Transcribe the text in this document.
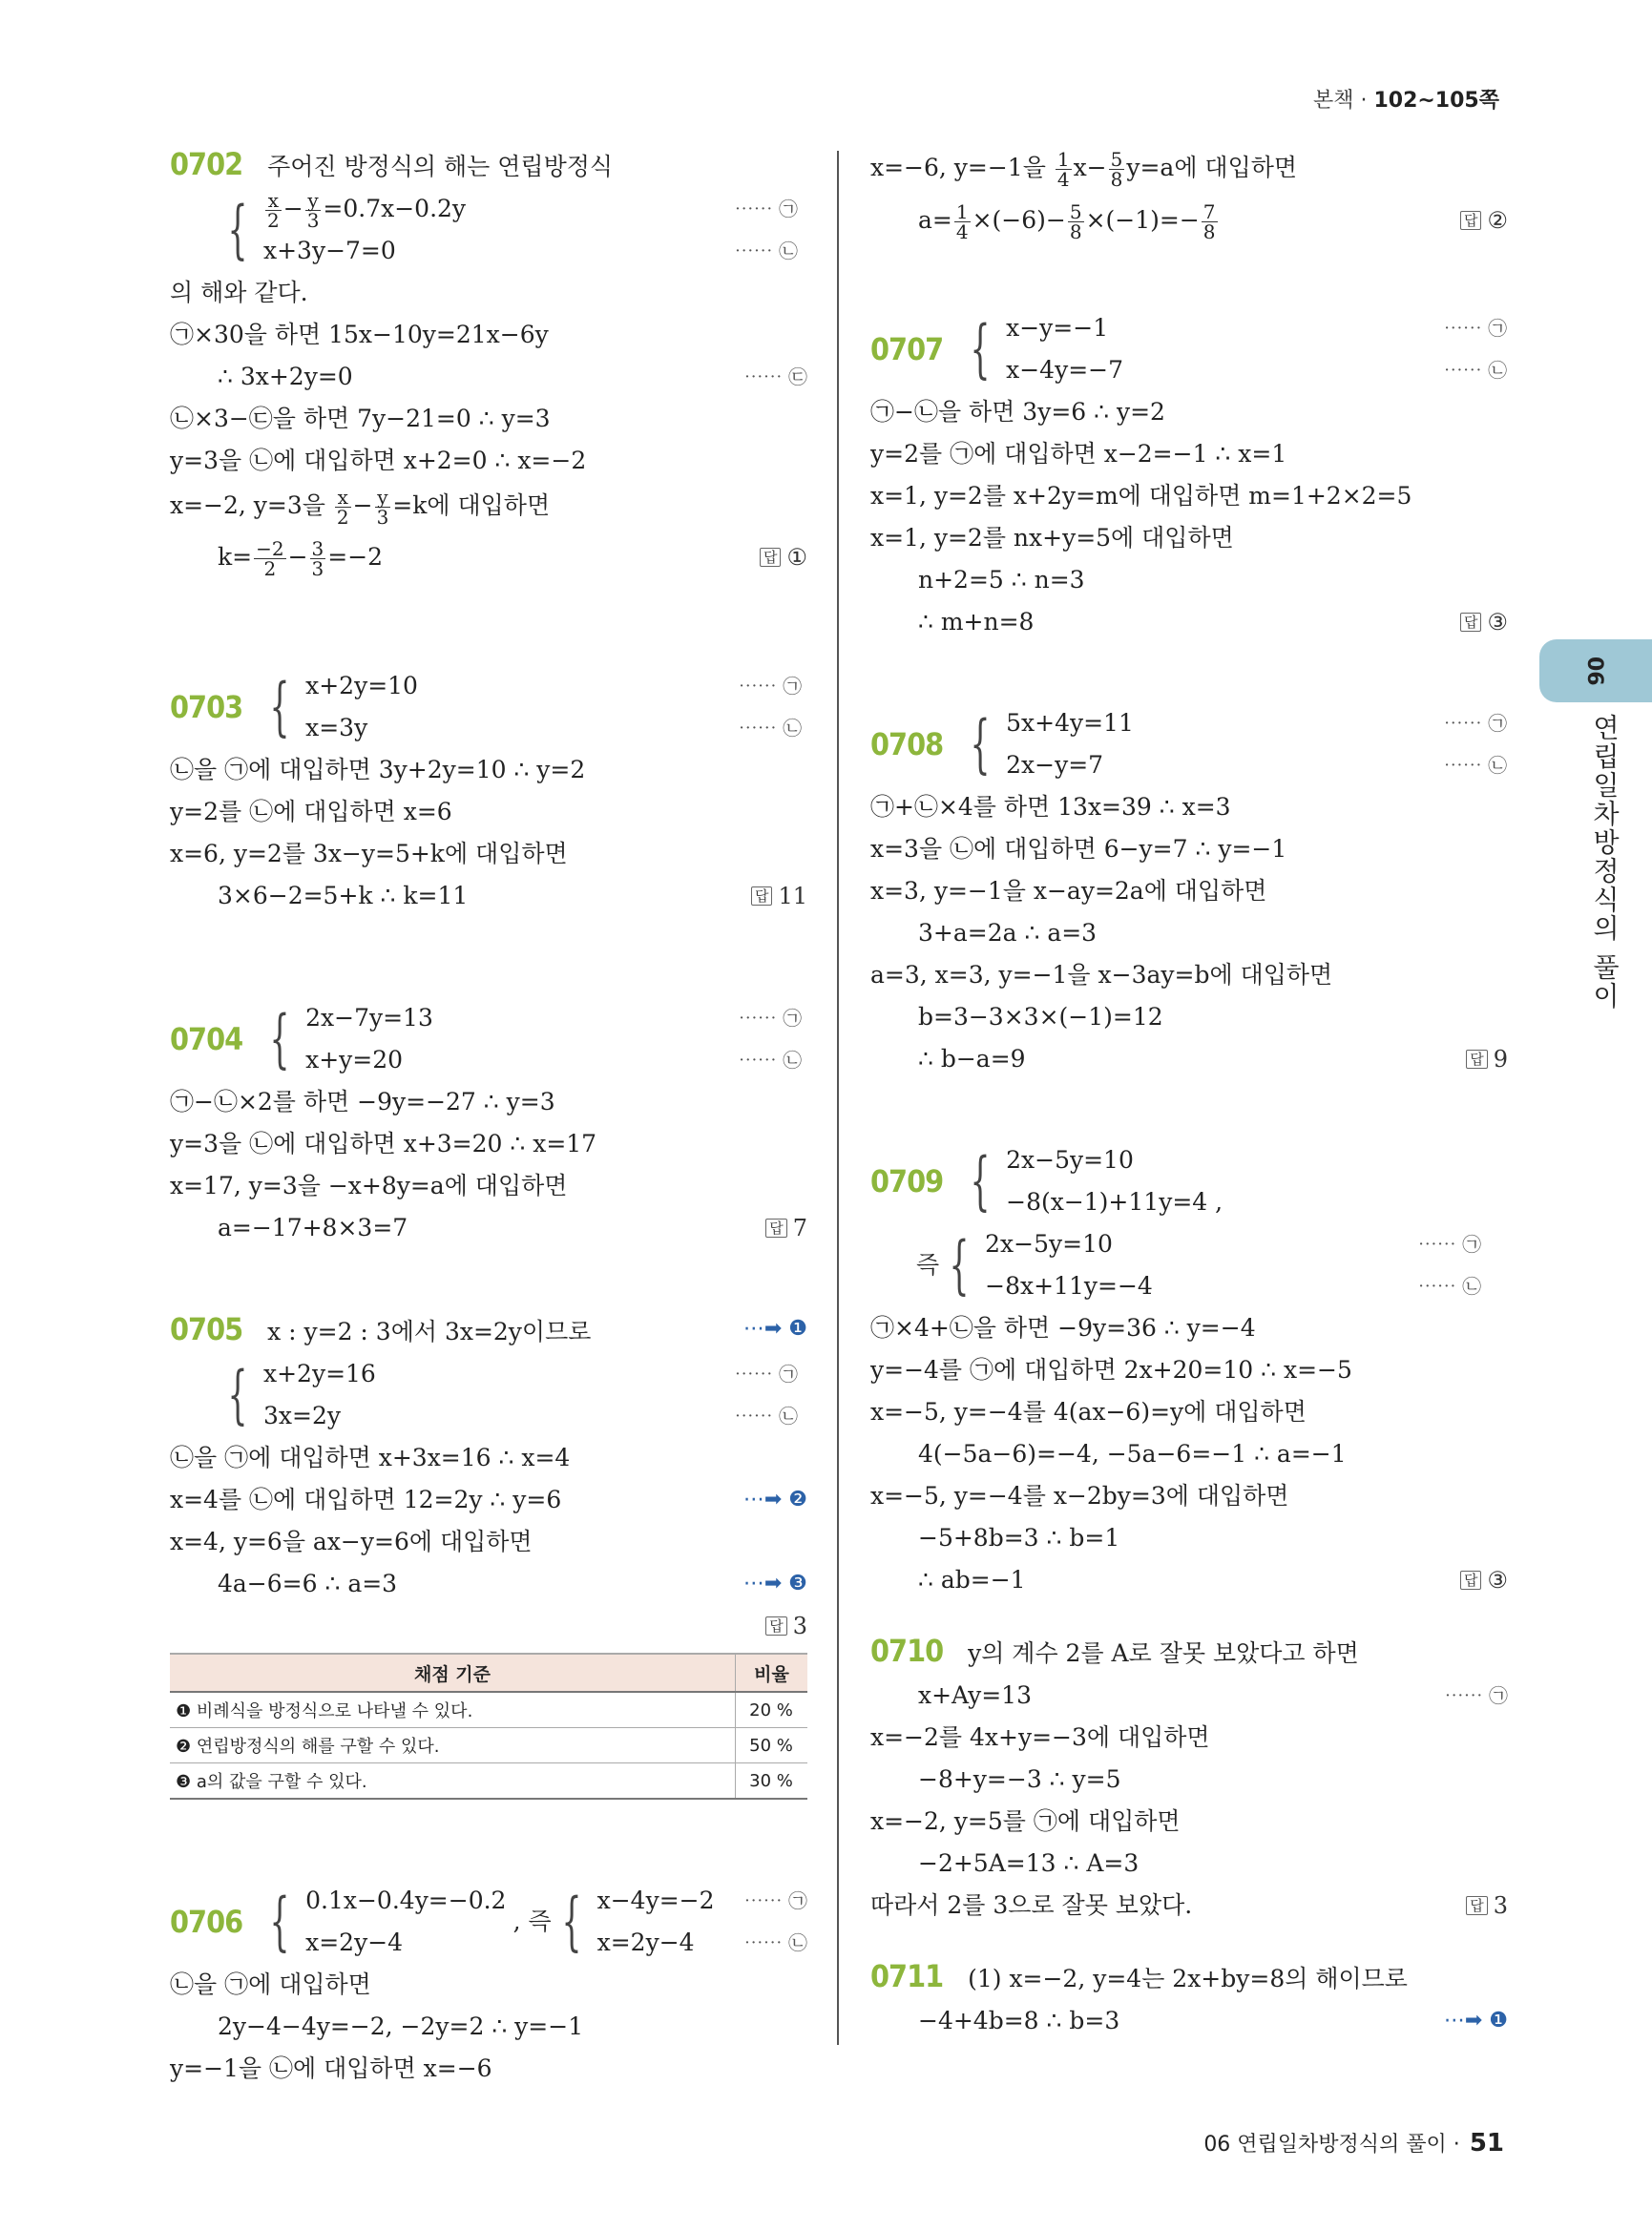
본책 · 102~105쪽
0702 주어진 방정식의 해는 연립방정식
{ $\frac{x}{2} - \frac{y}{3} =0.7x-0.2y$	⋯⋯ ㉠
x+3y−7=0	⋯⋯ ㉡
의 해와 같다.
㉠×30을 하면 15x−10y=21x−6y
∴ 3x+2y=0	⋯⋯ ㉢
㉡×3−㉢을 하면 7y−21=0 ∴ y=3
y=3을 ㉡에 대입하면 x+2=0 ∴ x=−2
x=−2, y=3을 $\frac{x}{2} - \frac{y}{3} =k$에 대입하면
$k= \frac{-2}{2} - \frac{3}{3} =-2$	답 ①
0703 { x+2y=10	⋯⋯ ㉠
x=3y	⋯⋯ ㉡
㉡을 ㉠에 대입하면 3y+2y=10 ∴ y=2
y=2를 ㉡에 대입하면 x=6
x=6, y=2를 3x−y=5+k에 대입하면
3×6−2=5+k ∴ k=11	답 11
0704 { 2x−7y=13	⋯⋯ ㉠
x+y=20	⋯⋯ ㉡
㉠−㉡×2를 하면 −9y=−27 ∴ y=3
y=3을 ㉡에 대입하면 x+3=20 ∴ x=17
x=17, y=3을 −x+8y=a에 대입하면
a=−17+8×3=7	답 7
0705 x : y=2 : 3에서 3x=2y이므로	⋯➡ ❶
{ x+2y=16	⋯⋯ ㉠
3x=2y	⋯⋯ ㉡
㉡을 ㉠에 대입하면 x+3x=16 ∴ x=4
x=4를 ㉡에 대입하면 12=2y ∴ y=6	⋯➡ ❷
x=4, y=6을 ax−y=6에 대입하면
4a−6=6 ∴ a=3	⋯➡ ❸

답 3
채점 기준	비율
❶ 비례식을 방정식으로 나타낼 수 있다.	20 %
❷ 연립방정식의 해를 구할 수 있다.	50 %
❸ a의 값을 구할 수 있다.	30 %
0706 { 0.1x−0.4y=−0.2
x=2y−4
, 즉 { x−4y=−2 ⋯⋯ ㉠
x=2y−4	⋯⋯ ㉡
㉡을 ㉠에 대입하면
2y−4−4y=−2, −2y=2 ∴ y=−1
y=−1을 ㉡에 대입하면 x=−6
x=−6, y=−1을 $\frac{1}{4} x- \frac{5}{8} y=a$에 대입하면
$a= \frac{1}{4} \times(-6)- \frac{5}{8} \times(-1)=- \frac{7}{8}$	답 ②
0707 { x−y=−1	⋯⋯ ㉠
x−4y=−7	⋯⋯ ㉡
㉠−㉡을 하면 3y=6 ∴ y=2
y=2를 ㉠에 대입하면 x−2=−1 ∴ x=1
x=1, y=2를 x+2y=m에 대입하면 m=1+2×2=5
x=1, y=2를 nx+y=5에 대입하면
n+2=5 ∴ n=3
∴ m+n=8	답 ③
0708 { 5x+4y=11	⋯⋯ ㉠
2x−y=7	⋯⋯ ㉡
㉠+㉡×4를 하면 13x=39 ∴ x=3
x=3을 ㉡에 대입하면 6−y=7 ∴ y=−1
x=3, y=−1을 x−ay=2a에 대입하면
3+a=2a ∴ a=3
a=3, x=3, y=−1을 x−3ay=b에 대입하면
b=3−3×3×(−1)=12
∴ b−a=9	답 9
0709 { 2x−5y=10
−8(x−1)+11y=4 ,
즉 { 2x−5y=10	⋯⋯ ㉠
−8x+11y=−4	⋯⋯ ㉡
㉠×4+㉡을 하면 −9y=36 ∴ y=−4
y=−4를 ㉠에 대입하면 2x+20=10 ∴ x=−5
x=−5, y=−4를 4(ax−6)=y에 대입하면
4(−5a−6)=−4, −5a−6=−1 ∴ a=−1
x=−5, y=−4를 x−2by=3에 대입하면
−5+8b=3 ∴ b=1
∴ ab=−1	답 ③
0710 y의 계수 2를 A로 잘못 보았다고 하면
x+Ay=13	⋯⋯ ㉠
x=−2를 4x+y=−3에 대입하면
−8+y=−3 ∴ y=5
x=−2, y=5를 ㉠에 대입하면
−2+5A=13 ∴ A=3
따라서 2를 3으로 잘못 보았다.	답 3
0711 (1) x=−2, y=4는 2x+by=8의 해이므로
−4+4b=8 ∴ b=3	⋯➡ ❶
06
연립일차방정식의 풀이
06 연립일차방정식의 풀이 · 51
